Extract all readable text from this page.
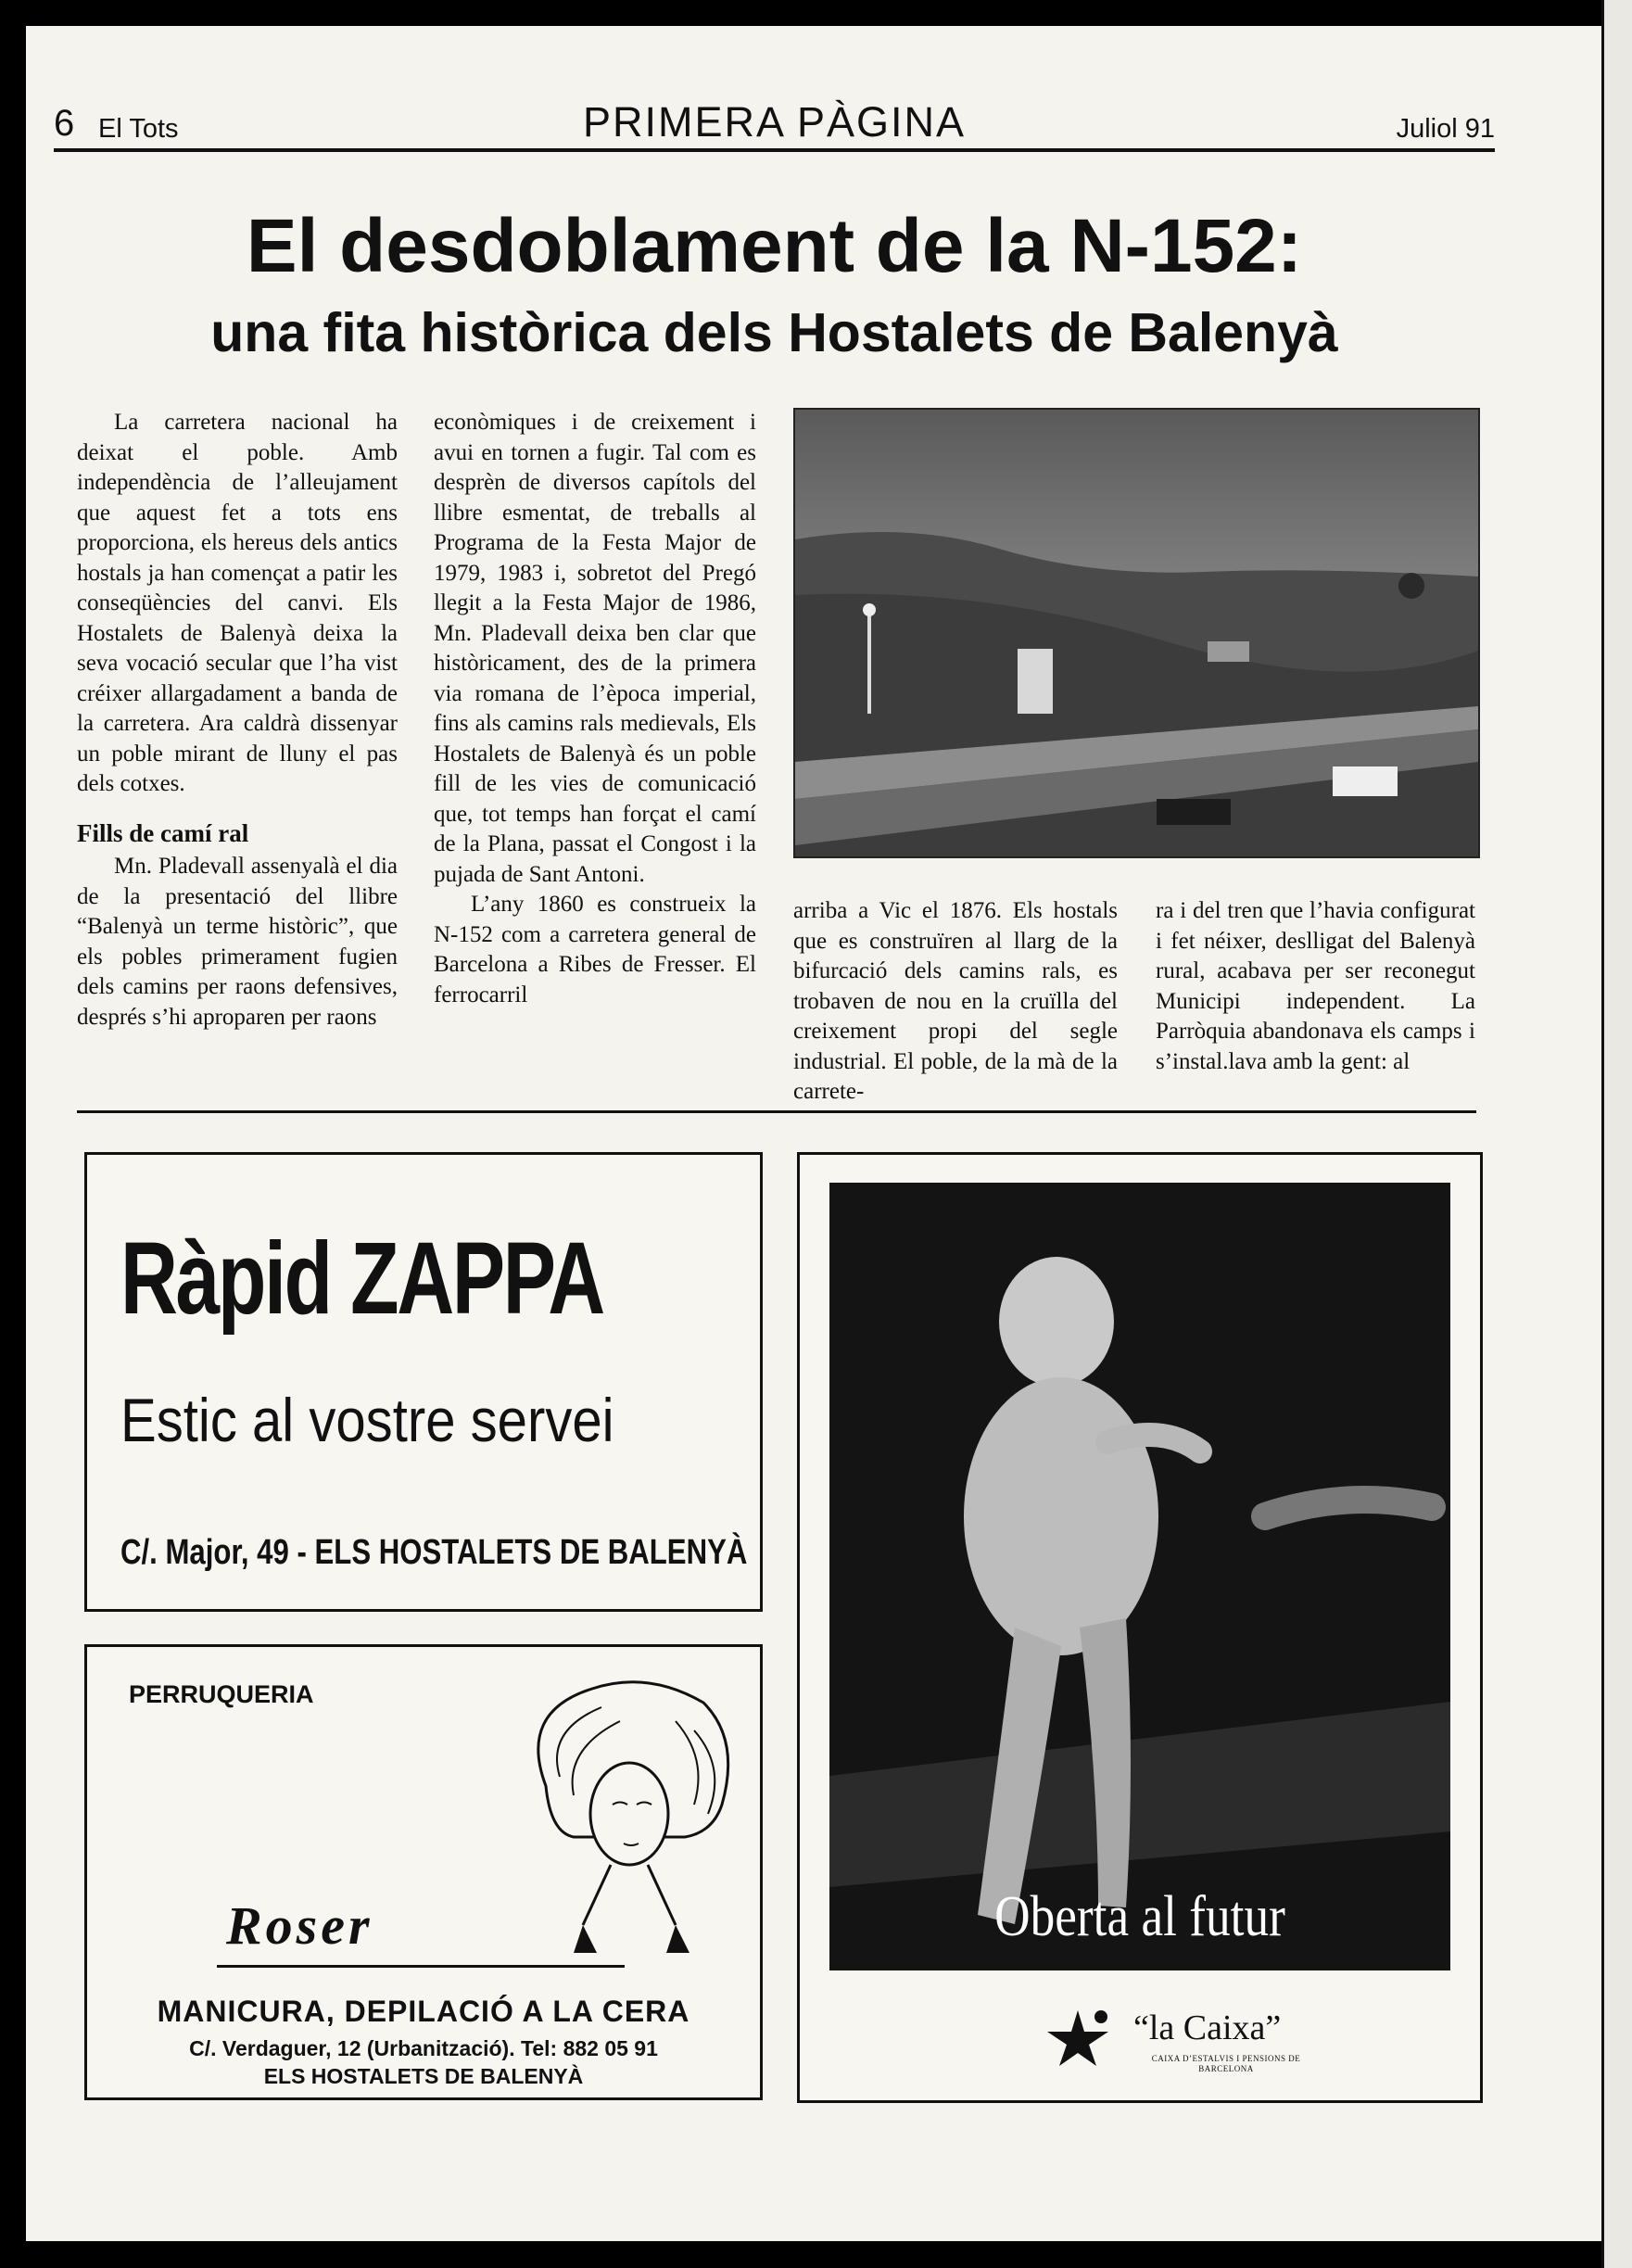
6 El Tots	PRIMERA PÀGINA	Juliol 91
El desdoblament de la N-152:
una fita històrica dels Hostalets de Balenyà

La carretera nacional ha deixat el poble. Amb independència de l’alleujament que aquest fet a tots ens proporciona, els hereus dels antics hostals ja han començat a patir les conseqüències del canvi. Els Hostalets de Balenyà deixa la seva vocació secular que l’ha vist créixer allargadament a banda de la carretera. Ara caldrà dissenyar un poble mirant de lluny el pas dels cotxes.

Fills de camí ral

Mn. Pladevall assenyalà el dia de la presentació del llibre “Balenyà un terme històric”, que els pobles primerament fugien dels camins per raons defensives, després s’hi aproparen per raons

econòmiques i de creixement i avui en tornen a fugir. Tal com es desprèn de diversos capítols del llibre esmentat, de treballs al Programa de la Festa Major de 1979, 1983 i, sobretot del Pregó llegit a la Festa Major de 1986, Mn. Pladevall deixa ben clar que històricament, des de la primera via romana de l’època imperial, fins als camins rals medievals, Els Hostalets de Balenyà és un poble fill de les vies de comunicació que, tot temps han forçat el camí de la Plana, passat el Congost i la pujada de Sant Antoni.

L’any 1860 es construeix la N-152 com a carretera general de Barcelona a Ribes de Fresser. El ferrocarril

arriba a Vic el 1876. Els hostals que es construïren al llarg de la bifurcació dels camins rals, es trobaven de nou en la cruïlla del creixement propi del segle industrial. El poble, de la mà de la carrete-

ra i del tren que l’havia configurat i fet néixer, deslligat del Balenyà rural, acabava per ser reconegut Municipi independent. La Parròquia abandonava els camps i s’instal.lava amb la gent: al

Ràpid ZAPPA
Estic al vostre servei
C/. Major, 49 - ELS HOSTALETS DE BALENYÀ
PERRUQUERIA
Roser
MANICURA, DEPILACIÓ A LA CERA
C/. Verdaguer, 12 (Urbanització). Tel: 882 05 91
ELS HOSTALETS DE BALENYÀ
Oberta al futur
“la Caixa”
CAIXA D’ESTALVIS I PENSIONS DE BARCELONA
